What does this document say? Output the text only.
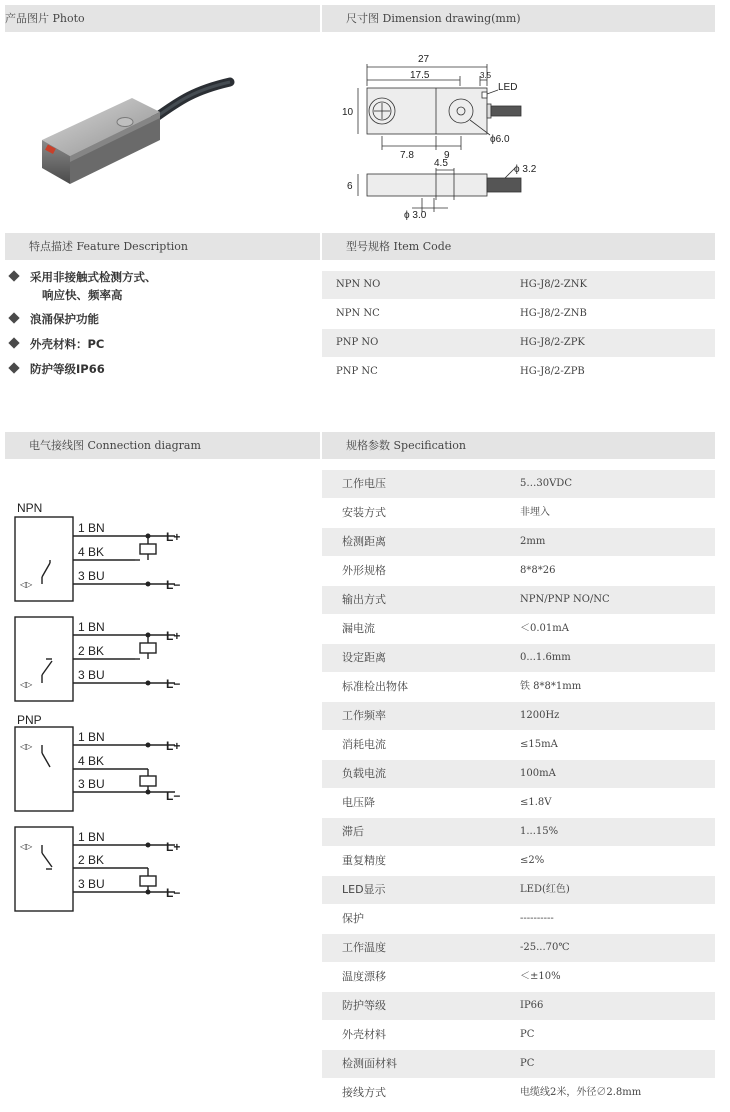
产品图片 Photo	尺寸图 Dimension drawing(mm)
特点描述 Feature Description	型号规格 Item Code
电气接线图 Connection diagram	规格参数 Specification
27
17.5	3.5
LED
10
7.8	9
ϕ6.0
4.5
ϕ 3.2
6
ϕ 3.0
采用非接触式检测方式、
响应快、频率高
浪涌保护功能
外壳材料：PC
防护等级IP66
NPN NO	HG-J8/2-ZNK
NPN NC	HG-J8/2-ZNB
PNP NO	HG-J8/2-ZPK
PNP NC	HG-J8/2-ZPB
◁▷
◁▷
◁▷
◁▷
NPN
PNP
1 BN
4 BK
3 BU
L+
L−
1 BN
2 BK
3 BU
L+
L−
1 BN
4 BK
3 BU
L+
L−
1 BN
2 BK
3 BU
L+
L−
工作电压	5…30VDC
安装方式	非埋入
检测距离	2mm
外形规格	8*8*26
输出方式	NPN/PNP NO/NC
漏电流	＜0.01mA
设定距离	0...1.6mm
标准检出物体	铁 8*8*1mm
工作频率	1200Hz
消耗电流	≤15mA
负载电流	100mA
电压降	≤1.8V
滞后	1...15%
重复精度	≤2%
LED显示	LED(红色)
保护	----------
工作温度	-25...70℃
温度漂移	＜±10%
防护等级	IP66
外壳材料	PC
检测面材料	PC
接线方式	电缆线2米，外径∅2.8mm
